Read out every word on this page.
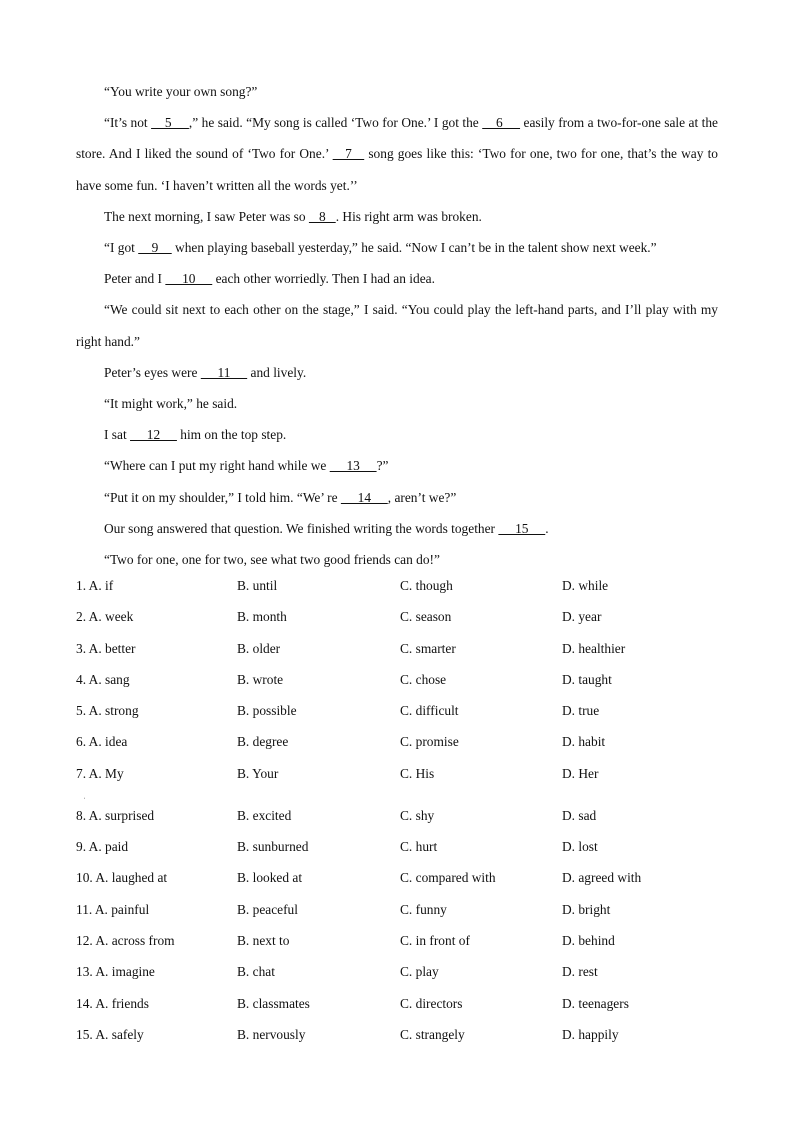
“You write your own song?”

“It’s not     5     ,” he said. “My song is called ‘Two for One.’ I got the     6      easily from a two-for-one sale at the store. And I liked the sound of ‘Two for One.’    7    song goes like this: ‘Two for one, two for one, that’s the way to have some fun. ‘I haven’t written all the words yet.’’

The next morning, I saw Peter was so    8   . His right arm was broken.

“I got     9     when playing baseball yesterday,” he said. “Now I can’t be in the talent show next week.”

Peter and I      10      each other worriedly. Then I had an idea.

“We could sit next to each other on the stage,” I said. “You could play the left-hand parts, and I’ll play with my right hand.”

Peter’s eyes were      11      and lively.

“It might work,” he said.

I sat      12      him on the top step.

“Where can I put my right hand while we      13     ?”

“Put it on my shoulder,” I told him. “We’ re      14     , aren’t we?”

Our song answered that question. We finished writing the words together      15     .

“Two for one, one for two, see what two good friends can do!”

1. A. if	B. until	C. though	D. while
2. A. week	B. month	C. season	D. year
3. A. better	B. older	C. smarter	D. healthier
4. A. sang	B. wrote	C. chose	D. taught
5. A. strong	B. possible	C. difficult	D. true
6. A. idea	B. degree	C. promise	D. habit
7. A. My	B. Your	C. His	D. Her
ˌ
8. A. surprised	B. excited	C. shy	D. sad
9. A. paid	B. sunburned	C. hurt	D. lost
10. A. laughed at	B. looked at	C. compared with	D. agreed with
11. A. painful	B. peaceful	C. funny	D. bright
12. A. across from	B. next to	C. in front of	D. behind
13. A. imagine	B. chat	C. play	D. rest
14. A. friends	B. classmates	C. directors	D. teenagers
15. A. safely	B. nervously	C. strangely	D. happily
